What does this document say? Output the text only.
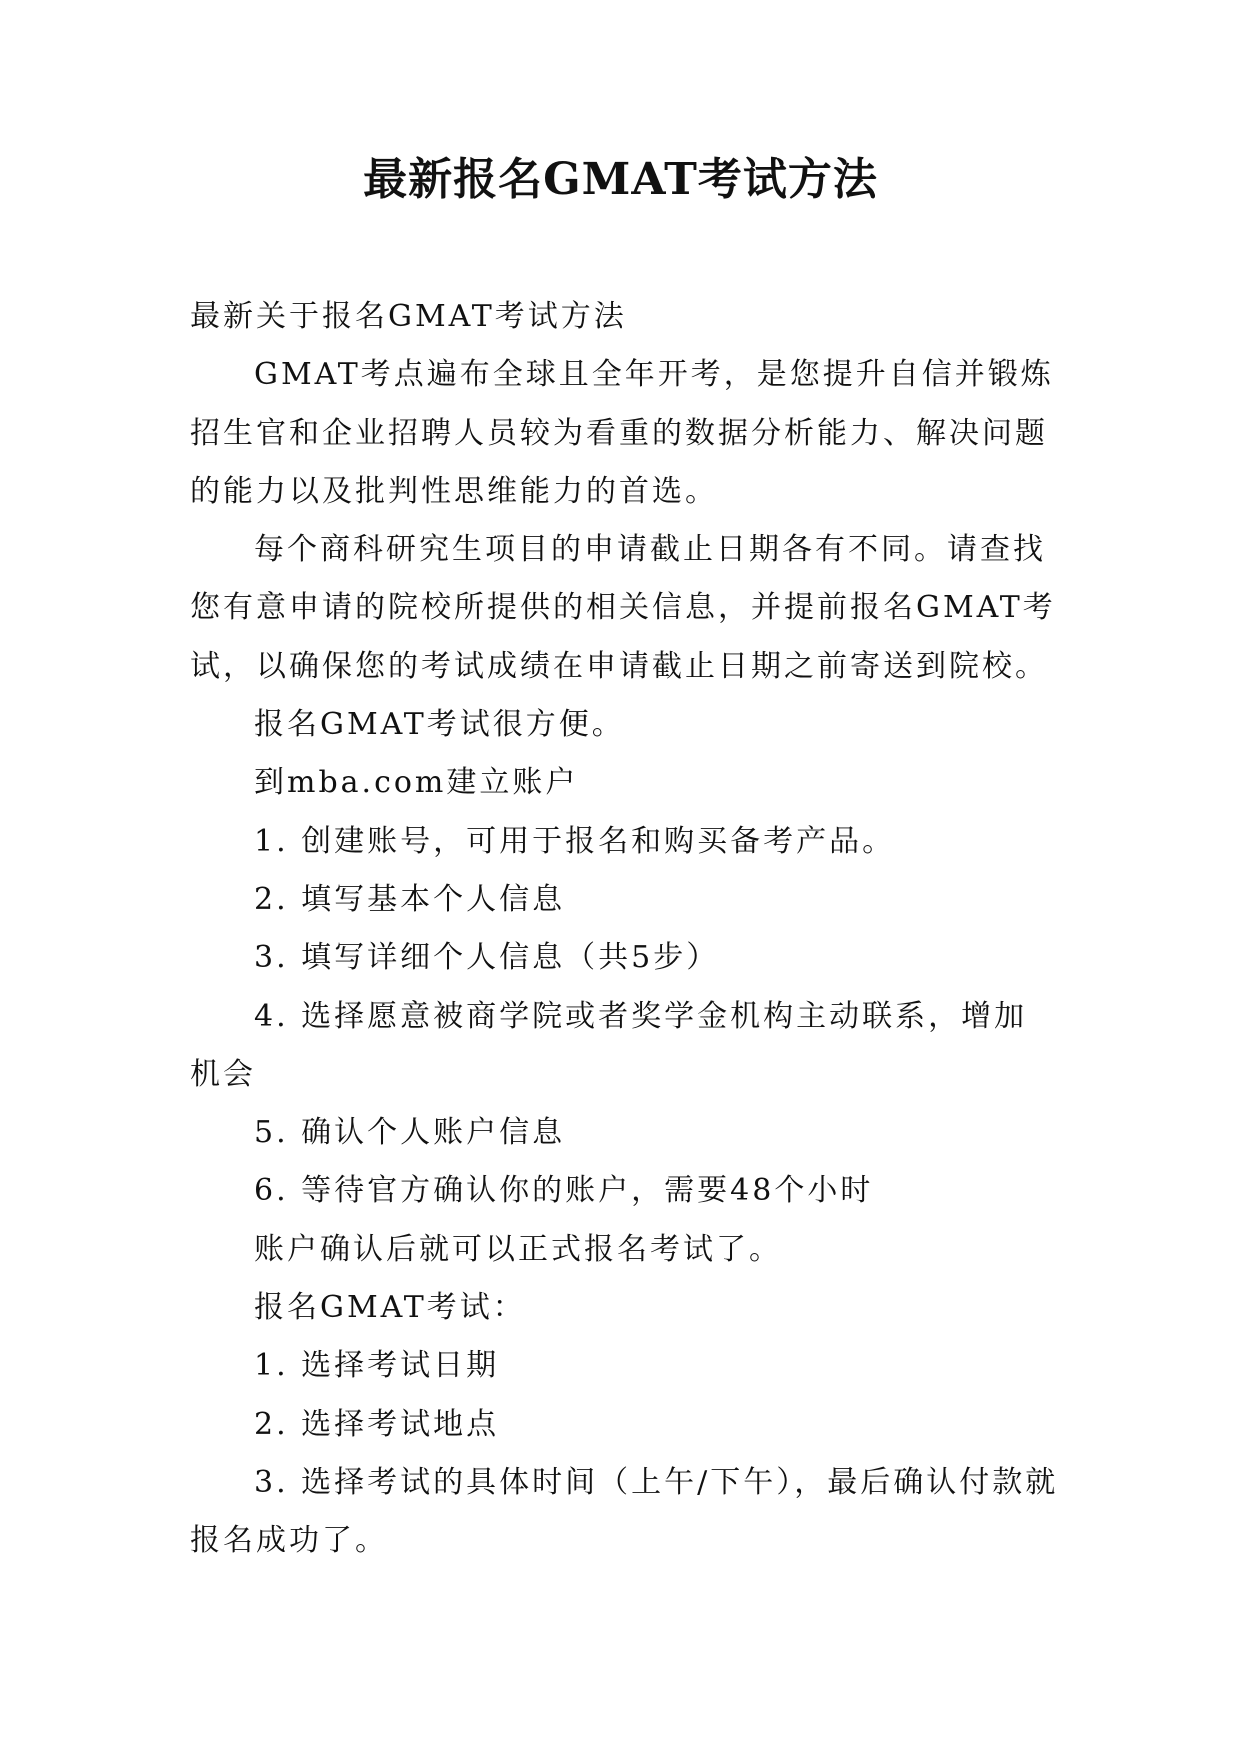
最新报名GMAT考试方法

最新关于报名GMAT考试方法

GMAT考点遍布全球且全年开考，是您提升自信并锻炼招生官和企业招聘人员较为看重的数据分析能力、解决问题的能力以及批判性思维能力的首选。

每个商科研究生项目的申请截止日期各有不同。请查找您有意申请的院校所提供的相关信息，并提前报名GMAT考试，以确保您的考试成绩在申请截止日期之前寄送到院校。

报名GMAT考试很方便。

到mba.com建立账户

1. 创建账号，可用于报名和购买备考产品。

2. 填写基本个人信息

3. 填写详细个人信息（共5步）

4. 选择愿意被商学院或者奖学金机构主动联系，增加机会

5. 确认个人账户信息

6. 等待官方确认你的账户，需要48个小时

账户确认后就可以正式报名考试了。

报名GMAT考试：

1. 选择考试日期

2. 选择考试地点

3. 选择考试的具体时间（上午/下午），最后确认付款就报名成功了。
